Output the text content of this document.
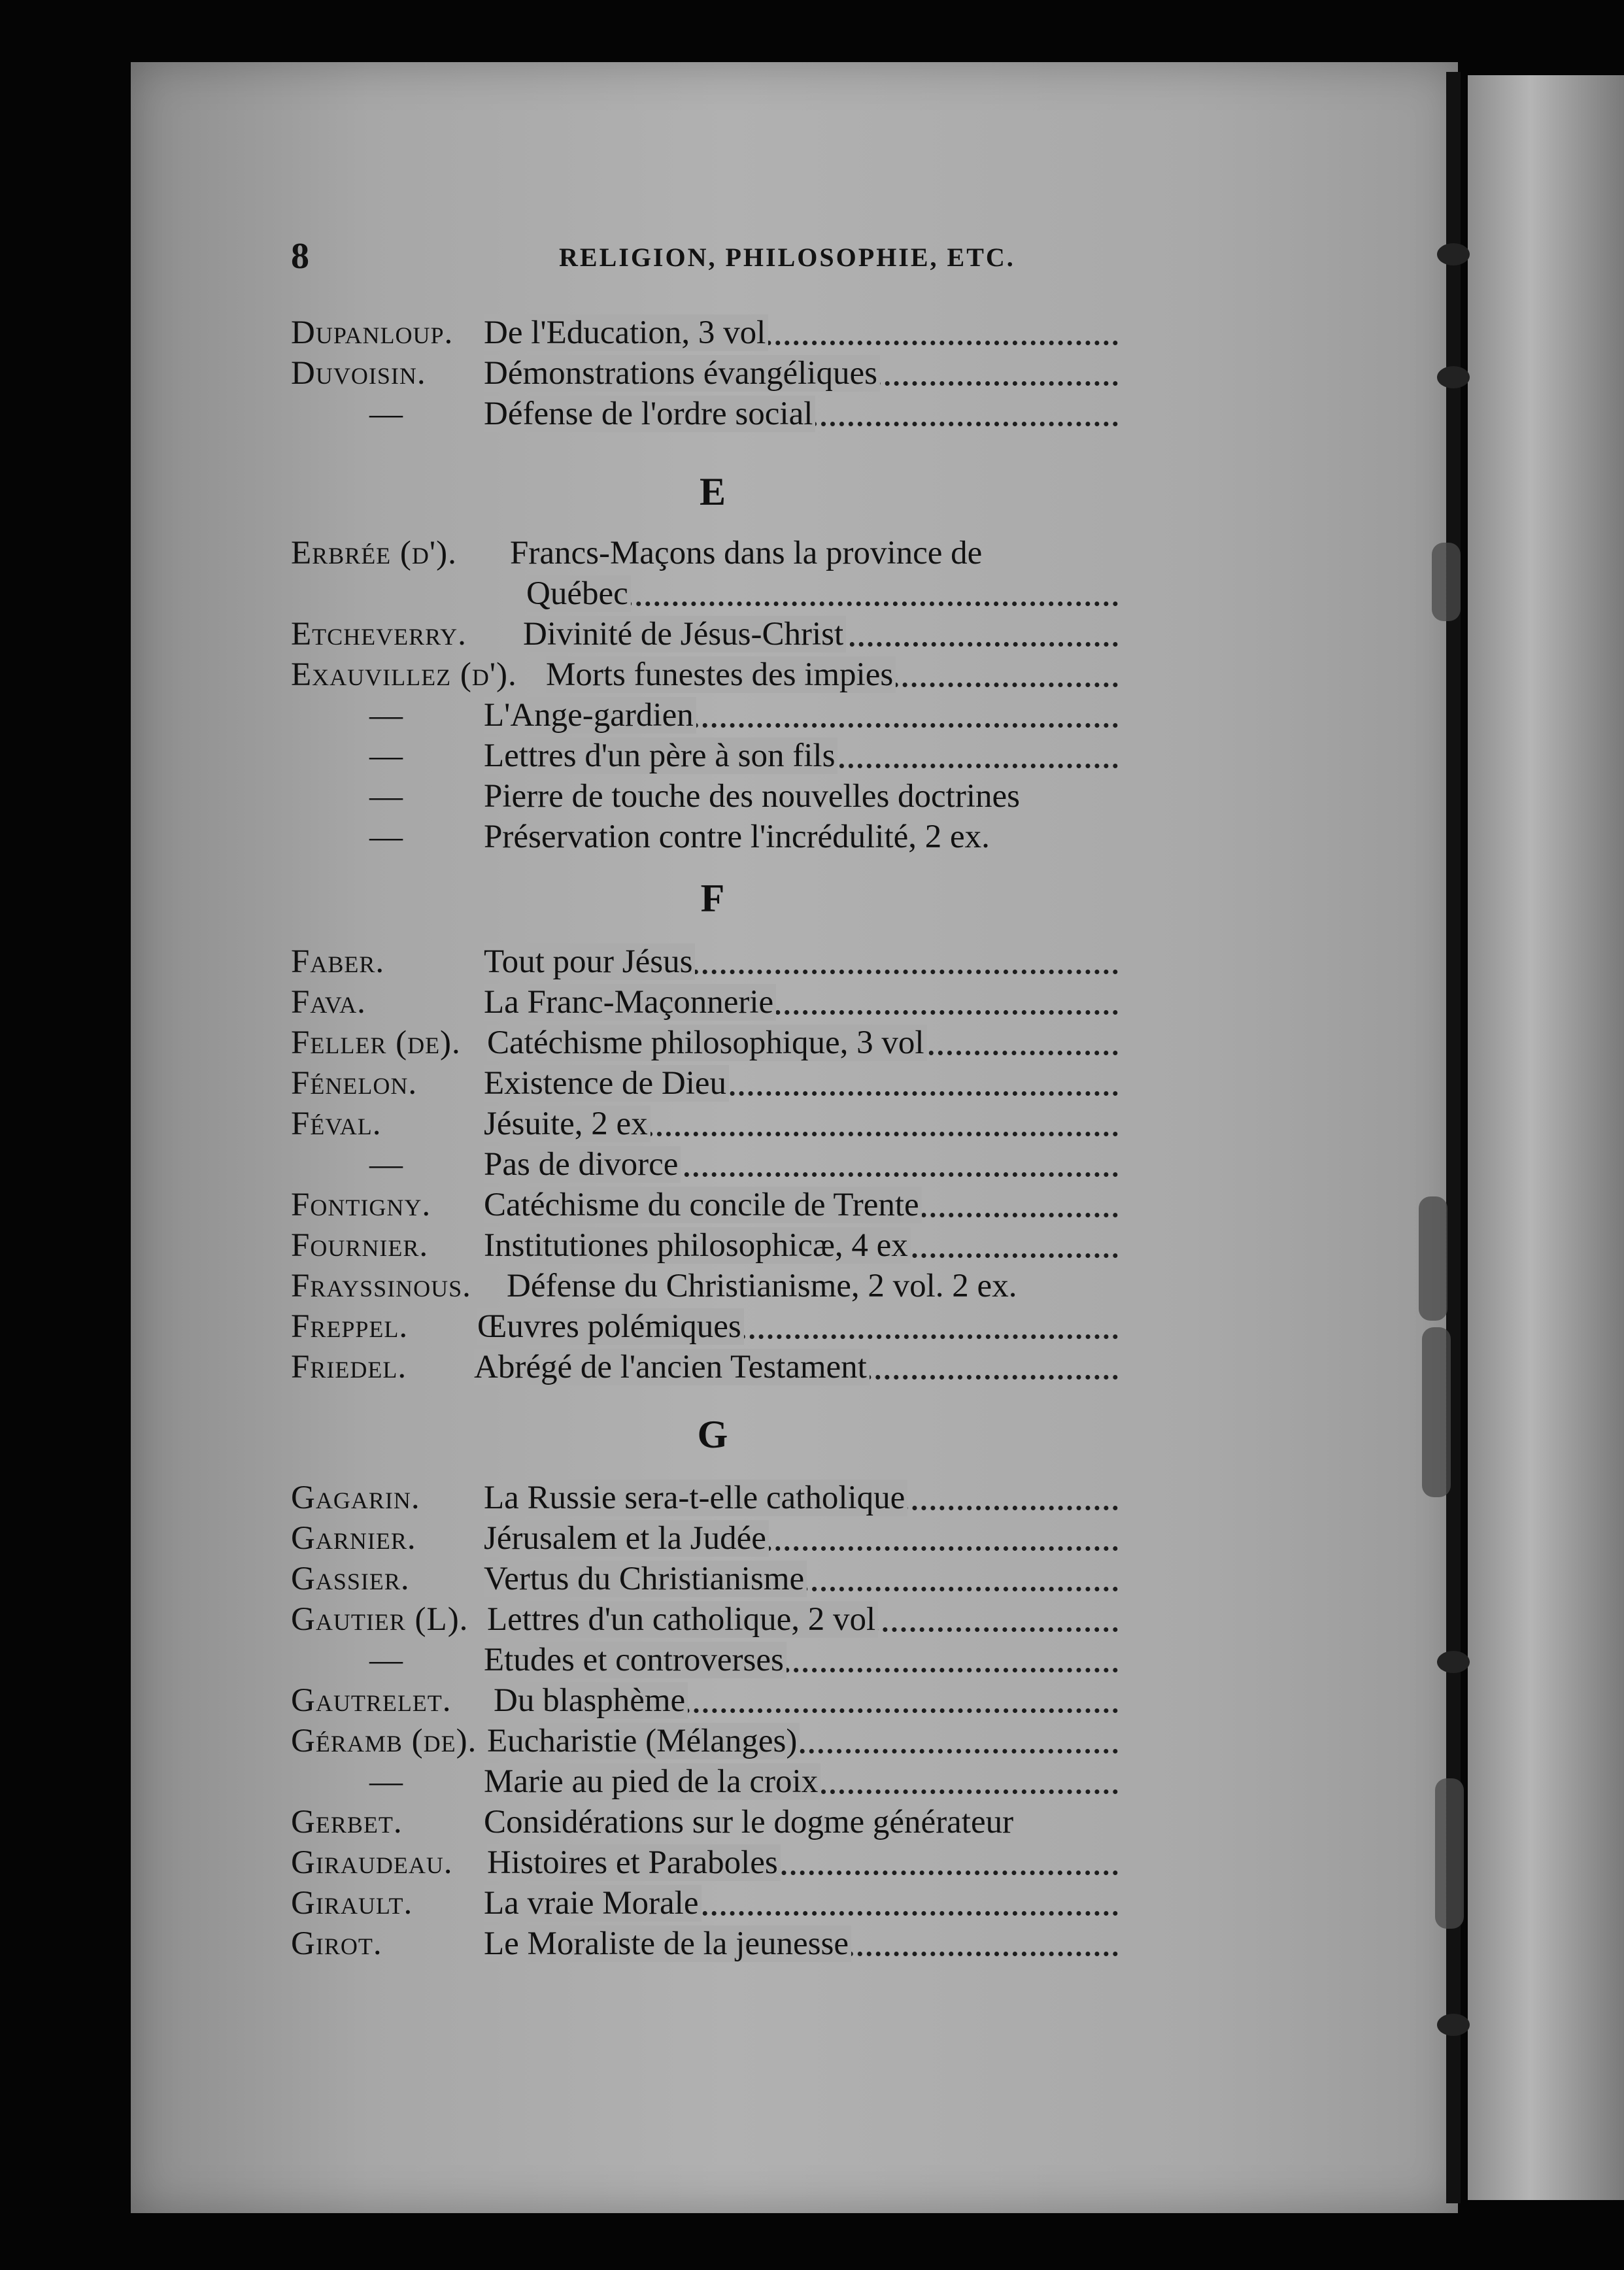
8	RELIGION, PHILOSOPHIE, ETC.
Dupanloup. De l'Education, 3 vol
Duvoisin. Démonstrations évangéliques
— Défense de l'ordre social
E
Erbrée (d'). Francs-Maçons dans la province de
Québec
Etcheverry. Divinité de Jésus-Christ
Exauvillez (d'). Morts funestes des impies
— L'Ange-gardien
— Lettres d'un père à son fils
— Pierre de touche des nouvelles doctrines
— Préservation contre l'incrédulité, 2 ex.
F
Faber.	Tout pour Jésus
Fava.	La Franc-Maçonnerie
Feller (de). Catéchisme philosophique, 3 vol
Fénelon. Existence de Dieu
Féval.	Jésuite, 2 ex
— Pas de divorce
Fontigny. Catéchisme du concile de Trente
Fournier. Institutiones philosophicæ, 4 ex
Frayssinous. Défense du Christianisme, 2 vol. 2 ex.
Freppel. Œuvres polémiques
Friedel. Abrégé de l'ancien Testament
G
Gagarin. La Russie sera-t-elle catholique
Garnier. Jérusalem et la Judée
Gassier. Vertus du Christianisme
Gautier (L). Lettres d'un catholique, 2 vol
— Etudes et controverses
Gautrelet. Du blasphème
Géramb (de). Eucharistie (Mélanges)
— Marie au pied de la croix
Gerbet. Considérations sur le dogme générateur
Giraudeau. Histoires et Paraboles
Girault. La vraie Morale
Girot.	Le Moraliste de la jeunesse
